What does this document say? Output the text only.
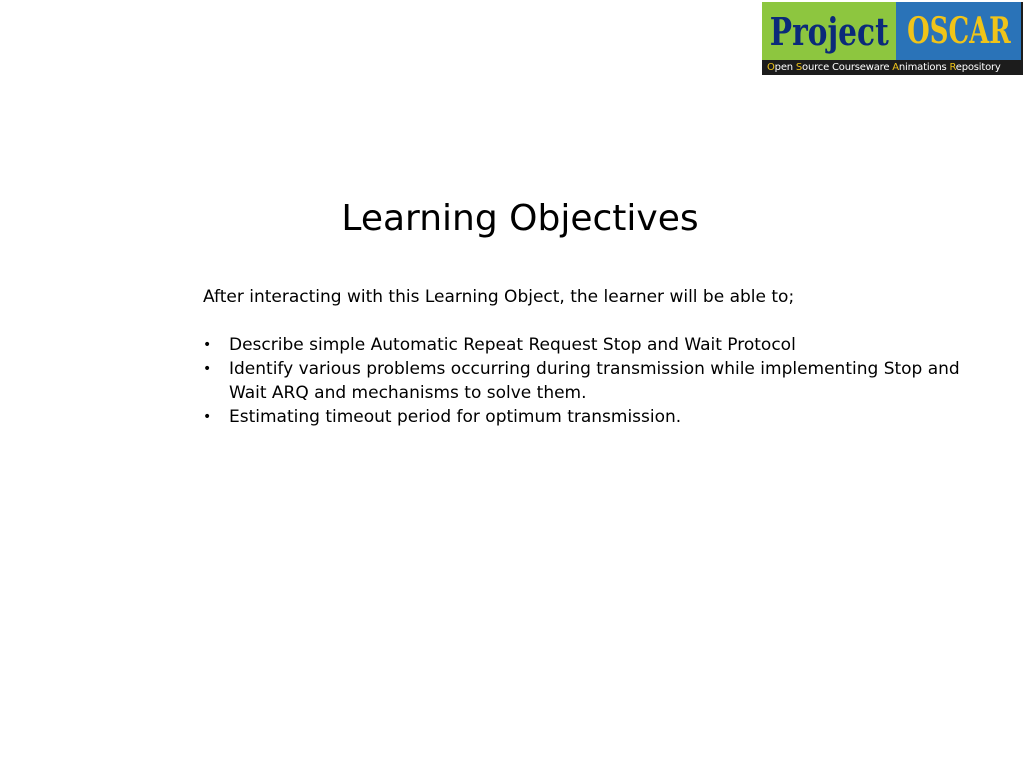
Project OSCAR
Open Source Courseware Animations Repository
Learning Objectives

After interacting with this Learning Object, the learner will be able to;

• Describe simple Automatic Repeat Request Stop and Wait Protocol
• Identify various problems occurring during transmission while implementing Stop and Wait ARQ and mechanisms to solve them.
• Estimating timeout period for optimum transmission.
